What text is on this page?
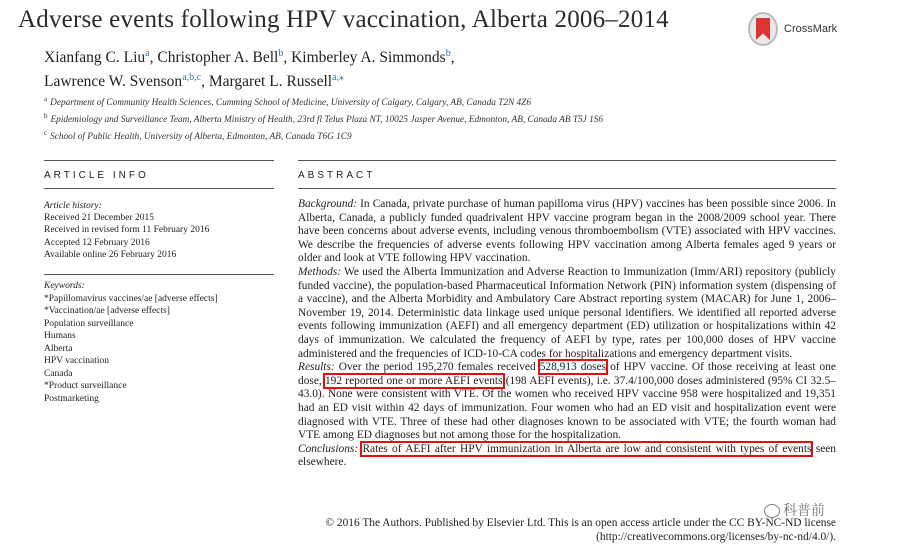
Adverse events following HPV vaccination, Alberta 2006–2014	CrossMark
Xianfang C. Liu$^a$, Christopher A. Bell$^b$, Kimberley A. Simmonds$^b$,
Lawrence W. Svenson$^{a,b,c}$, Margaret L. Russell$^{a,⁎}$
$^a$ Department of Community Health Sciences, Cumming School of Medicine, University of Calgary, Calgary, AB, Canada T2N 4Z6
$^b$ Epidemiology and Surveillance Team, Alberta Ministry of Health, 23rd fl Telus Plaza NT, 10025 Jasper Avenue, Edmonton, AB, Canada AB T5J 1S6
$^c$ School of Public Health, University of Alberta, Edmonton, AB, Canada T6G 1C9
ARTICLE INFO	ABSTRACT
Article history:
Received 21 December 2015
Received in revised form 11 February 2016
Accepted 12 February 2016
Available online 26 February 2016
Keywords:
*Papillomavirus vaccines/ae [adverse effects]
*Vaccination/ae [adverse effects]
Population surveillance
Humans
Alberta
HPV vaccination
Canada
*Product surveillance
Postmarketing

Background: In Canada, private purchase of human papilloma virus (HPV) vaccines has been possible since 2006. In Alberta, Canada, a publicly funded quadrivalent HPV vaccine program began in the 2008/2009 school year. There have been concerns about adverse events, including venous thromboembolism (VTE) associated with HPV vaccines. We describe the frequencies of adverse events following HPV vaccination among Alberta females aged 9 years or older and look at VTE following HPV vaccination.

Methods: We used the Alberta Immunization and Adverse Reaction to Immunization (Imm/ARI) repository (publicly funded vaccine), the population-based Pharmaceutical Information Network (PIN) information system (dispensing of a vaccine), and the Alberta Morbidity and Ambulatory Care Abstract reporting system (MACAR) for June 1, 2006– November 19, 2014. Deterministic data linkage used unique personal identifiers. We identified all reported adverse events following immunization (AEFI) and all emergency department (ED) utilization or hospitalizations within 42 days of immunization. We calculated the frequency of AEFI by type, rates per 100,000 doses of HPV vaccine administered and the frequencies of ICD-10-CA codes for hospitalizations and emergency department visits.

Results: Over the period 195,270 females received 528,913 doses of HPV vaccine. Of those receiving at least one dose, 192 reported one or more AEFI events (198 AEFI events), i.e. 37.4/100,000 doses administered (95% CI 32.5–43.0). None were consistent with VTE. Of the women who received HPV vaccine 958 were hospitalized and 19,351 had an ED visit within 42 days of immunization. Four women who had an ED visit and hospitalization event were diagnosed with VTE. Three of these had other diagnoses known to be associated with VTE; the fourth woman had VTE among ED diagnoses but not among those for the hospitalization.

Conclusions: Rates of AEFI after HPV immunization in Alberta are low and consistent with types of events seen elsewhere.

© 2016 The Authors. Published by Elsevier Ltd. This is an open access article under the CC BY-NC-ND license (http://creativecommons.org/licenses/by-nc-nd/4.0/).
科普前
